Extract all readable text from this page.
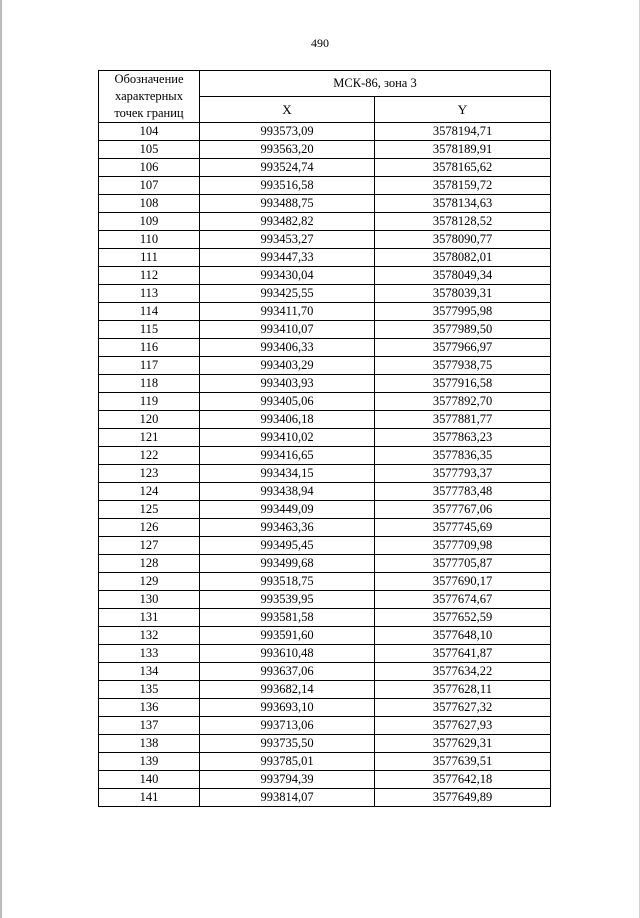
490
Обозначение характерных точек границ	МСК-86, зона 3	
	X	Y
104	993573,09	3578194,71
105	993563,20	3578189,91
106	993524,74	3578165,62
107	993516,58	3578159,72
108	993488,75	3578134,63
109	993482,82	3578128,52
110	993453,27	3578090,77
111	993447,33	3578082,01
112	993430,04	3578049,34
113	993425,55	3578039,31
114	993411,70	3577995,98
115	993410,07	3577989,50
116	993406,33	3577966,97
117	993403,29	3577938,75
118	993403,93	3577916,58
119	993405,06	3577892,70
120	993406,18	3577881,77
121	993410,02	3577863,23
122	993416,65	3577836,35
123	993434,15	3577793,37
124	993438,94	3577783,48
125	993449,09	3577767,06
126	993463,36	3577745,69
127	993495,45	3577709,98
128	993499,68	3577705,87
129	993518,75	3577690,17
130	993539,95	3577674,67
131	993581,58	3577652,59
132	993591,60	3577648,10
133	993610,48	3577641,87
134	993637,06	3577634,22
135	993682,14	3577628,11
136	993693,10	3577627,32
137	993713,06	3577627,93
138	993735,50	3577629,31
139	993785,01	3577639,51
140	993794,39	3577642,18
141	993814,07	3577649,89
